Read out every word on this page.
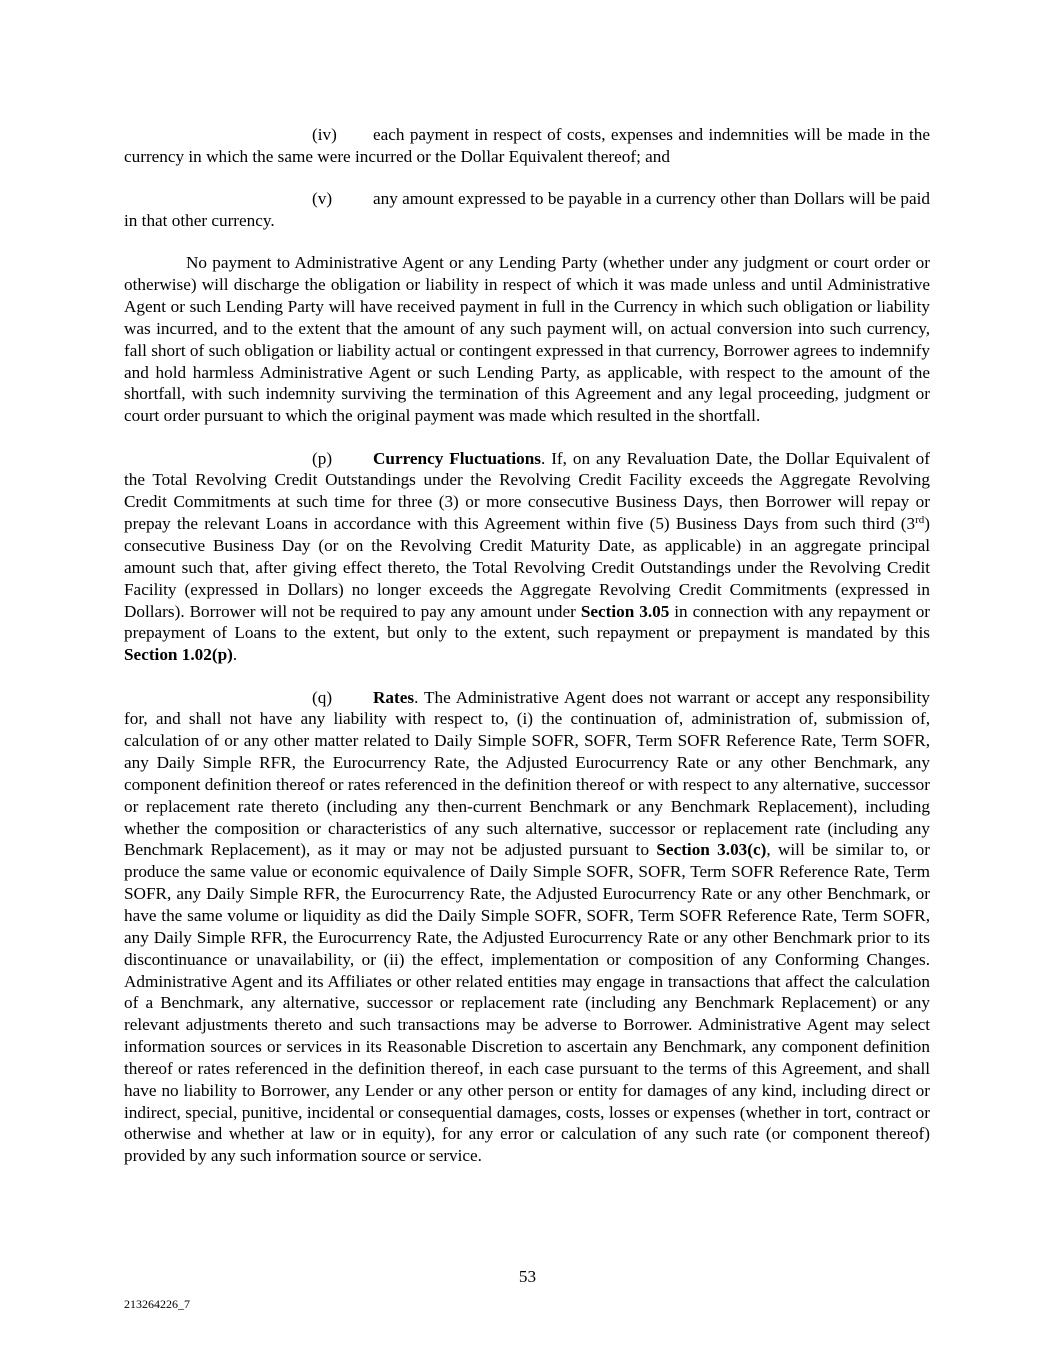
(iv) each payment in respect of costs, expenses and indemnities will be made in the currency in which the same were incurred or the Dollar Equivalent thereof; and

(v) any amount expressed to be payable in a currency other than Dollars will be paid in that other currency.

No payment to Administrative Agent or any Lending Party (whether under any judgment or court order or otherwise) will discharge the obligation or liability in respect of which it was made unless and until Administrative Agent or such Lending Party will have received payment in full in the Currency in which such obligation or liability was incurred, and to the extent that the amount of any such payment will, on actual conversion into such currency, fall short of such obligation or liability actual or contingent expressed in that currency, Borrower agrees to indemnify and hold harmless Administrative Agent or such Lending Party, as applicable, with respect to the amount of the shortfall, with such indemnity surviving the termination of this Agreement and any legal proceeding, judgment or court order pursuant to which the original payment was made which resulted in the shortfall.

(p) Currency Fluctuations. If, on any Revaluation Date, the Dollar Equivalent of the Total Revolving Credit Outstandings under the Revolving Credit Facility exceeds the Aggregate Revolving Credit Commitments at such time for three (3) or more consecutive Business Days, then Borrower will repay or prepay the relevant Loans in accordance with this Agreement within five (5) Business Days from such third (3rd) consecutive Business Day (or on the Revolving Credit Maturity Date, as applicable) in an aggregate principal amount such that, after giving effect thereto, the Total Revolving Credit Outstandings under the Revolving Credit Facility (expressed in Dollars) no longer exceeds the Aggregate Revolving Credit Commitments (expressed in Dollars). Borrower will not be required to pay any amount under Section 3.05 in connection with any repayment or prepayment of Loans to the extent, but only to the extent, such repayment or prepayment is mandated by this Section 1.02(p).

(q) Rates. The Administrative Agent does not warrant or accept any responsibility for, and shall not have any liability with respect to, (i) the continuation of, administration of, submission of, calculation of or any other matter related to Daily Simple SOFR, SOFR, Term SOFR Reference Rate, Term SOFR, any Daily Simple RFR, the Eurocurrency Rate, the Adjusted Eurocurrency Rate or any other Benchmark, any component definition thereof or rates referenced in the definition thereof or with respect to any alternative, successor or replacement rate thereto (including any then-current Benchmark or any Benchmark Replacement), including whether the composition or characteristics of any such alternative, successor or replacement rate (including any Benchmark Replacement), as it may or may not be adjusted pursuant to Section 3.03(c), will be similar to, or produce the same value or economic equivalence of Daily Simple SOFR, SOFR, Term SOFR Reference Rate, Term SOFR, any Daily Simple RFR, the Eurocurrency Rate, the Adjusted Eurocurrency Rate or any other Benchmark, or have the same volume or liquidity as did the Daily Simple SOFR, SOFR, Term SOFR Reference Rate, Term SOFR, any Daily Simple RFR, the Eurocurrency Rate, the Adjusted Eurocurrency Rate or any other Benchmark prior to its discontinuance or unavailability, or (ii) the effect, implementation or composition of any Conforming Changes. Administrative Agent and its Affiliates or other related entities may engage in transactions that affect the calculation of a Benchmark, any alternative, successor or replacement rate (including any Benchmark Replacement) or any relevant adjustments thereto and such transactions may be adverse to Borrower. Administrative Agent may select information sources or services in its Reasonable Discretion to ascertain any Benchmark, any component definition thereof or rates referenced in the definition thereof, in each case pursuant to the terms of this Agreement, and shall have no liability to Borrower, any Lender or any other person or entity for damages of any kind, including direct or indirect, special, punitive, incidental or consequential damages, costs, losses or expenses (whether in tort, contract or otherwise and whether at law or in equity), for any error or calculation of any such rate (or component thereof) provided by any such information source or service.

53
213264226_7
